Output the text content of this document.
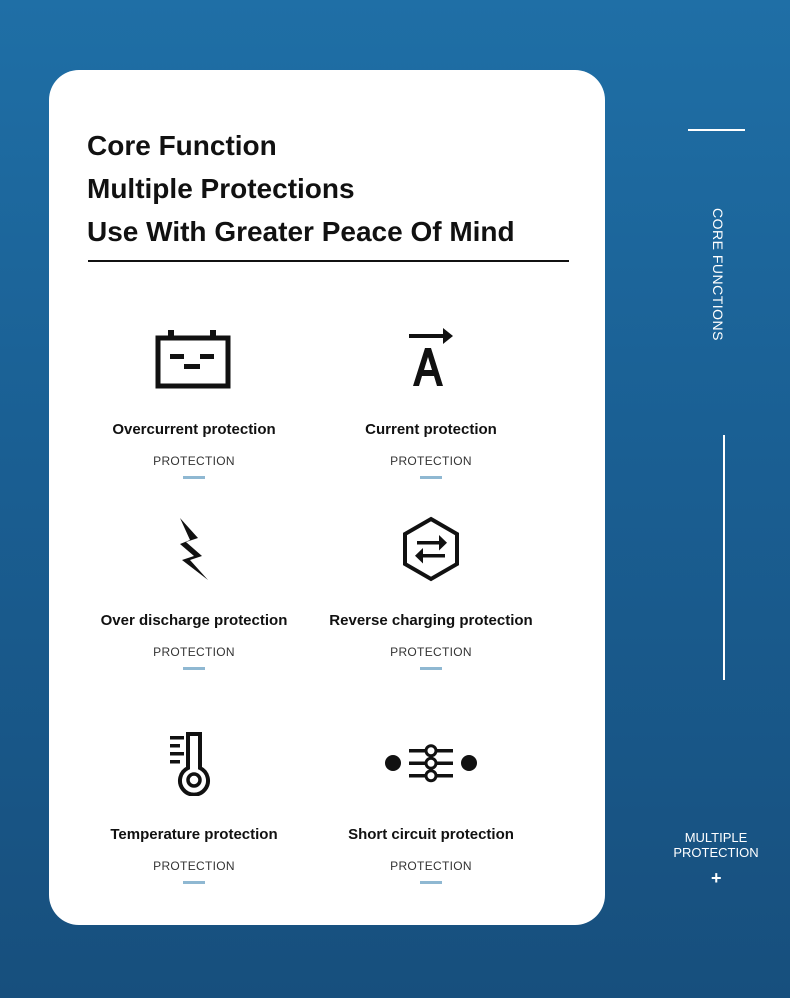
Core Function
Multiple Protections
Use With Greater Peace Of Mind
Overcurrent protection
PROTECTION
Current protection
PROTECTION
Over discharge protection
PROTECTION
Reverse charging protection
PROTECTION
Temperature protection
PROTECTION
Short circuit protection
PROTECTION
CORE FUNCTIONS
MULTIPLE
PROTECTION
+
